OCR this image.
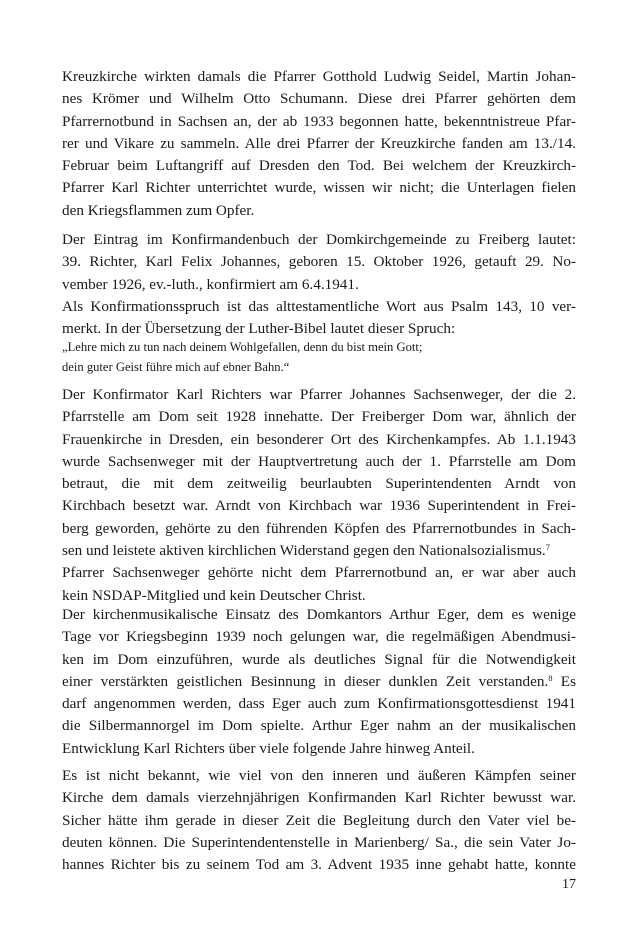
Kreuzkirche wirkten damals die Pfarrer Gotthold Ludwig Seidel, Martin Johan-
nes Krömer und Wilhelm Otto Schumann. Diese drei Pfarrer gehörten dem
Pfarrernotbund in Sachsen an, der ab 1933 begonnen hatte, bekenntnistreue Pfar-
rer und Vikare zu sammeln. Alle drei Pfarrer der Kreuzkirche fanden am 13./14.
Februar beim Luftangriff auf Dresden den Tod. Bei welchem der Kreuzkirch-
Pfarrer Karl Richter unterrichtet wurde, wissen wir nicht; die Unterlagen fielen
den Kriegsflammen zum Opfer.
Der Eintrag im Konfirmandenbuch der Domkirchgemeinde zu Freiberg lautet:
39. Richter, Karl Felix Johannes, geboren 15. Oktober 1926, getauft 29. No-
vember 1926, ev.-luth., konfirmiert am 6.4.1941.
Als Konfirmationsspruch ist das alttestamentliche Wort aus Psalm 143, 10 ver-
merkt. In der Übersetzung der Luther-Bibel lautet dieser Spruch:
„Lehre mich zu tun nach deinem Wohlgefallen, denn du bist mein Gott;
dein guter Geist führe mich auf ebner Bahn.“
Der Konfirmator Karl Richters war Pfarrer Johannes Sachsenweger, der die 2.
Pfarrstelle am Dom seit 1928 innehatte. Der Freiberger Dom war, ähnlich der
Frauenkirche in Dresden, ein besonderer Ort des Kirchenkampfes. Ab 1.1.1943
wurde Sachsenweger mit der Hauptvertretung auch der 1. Pfarrstelle am Dom
betraut, die mit dem zeitweilig beurlaubten Superintendenten Arndt von
Kirchbach besetzt war. Arndt von Kirchbach war 1936 Superintendent in Frei-
berg geworden, gehörte zu den führenden Köpfen des Pfarrernotbundes in Sach-
sen und leistete aktiven kirchlichen Widerstand gegen den Nationalsozialismus.$^7$
Pfarrer Sachsenweger gehörte nicht dem Pfarrernotbund an, er war aber auch
kein NSDAP-Mitglied und kein Deutscher Christ.
Der kirchenmusikalische Einsatz des Domkantors Arthur Eger, dem es wenige
Tage vor Kriegsbeginn 1939 noch gelungen war, die regelmäßigen Abendmusi-
ken im Dom einzuführen, wurde als deutliches Signal für die Notwendigkeit
einer verstärkten geistlichen Besinnung in dieser dunklen Zeit verstanden.$^8$ Es
darf angenommen werden, dass Eger auch zum Konfirmationsgottesdienst 1941
die Silbermannorgel im Dom spielte. Arthur Eger nahm an der musikalischen
Entwicklung Karl Richters über viele folgende Jahre hinweg Anteil.
Es ist nicht bekannt, wie viel von den inneren und äußeren Kämpfen seiner
Kirche dem damals vierzehnjährigen Konfirmanden Karl Richter bewusst war.
Sicher hätte ihm gerade in dieser Zeit die Begleitung durch den Vater viel be-
deuten können. Die Superintendentenstelle in Marienberg/ Sa., die sein Vater Jo-
hannes Richter bis zu seinem Tod am 3. Advent 1935 inne gehabt hatte, konnte
17
